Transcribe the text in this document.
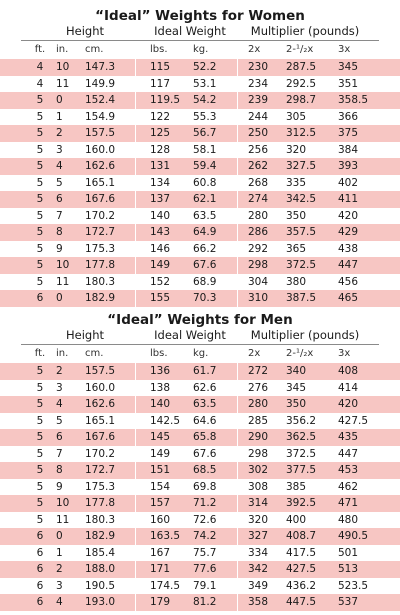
“Ideal” Weights for Women
Height	Ideal Weight	Multiplier (pounds)
ft. in.	cm.	lbs.	kg.	2x	2-¹/₂x	3x
4	10	147.3	115	52.2	230	287.5	345
4	11	149.9	117	53.1	234	292.5	351
5	0	152.4	119.5	54.2	239	298.7	358.5
5	1	154.9	122	55.3	244	305	366
5	2	157.5	125	56.7	250	312.5	375
5	3	160.0	128	58.1	256	320	384
5	4	162.6	131	59.4	262	327.5	393
5	5	165.1	134	60.8	268	335	402
5	6	167.6	137	62.1	274	342.5	411
5	7	170.2	140	63.5	280	350	420
5	8	172.7	143	64.9	286	357.5	429
5	9	175.3	146	66.2	292	365	438
5	10	177.8	149	67.6	298	372.5	447
5	11	180.3	152	68.9	304	380	456
6	0	182.9	155	70.3	310	387.5	465
“Ideal” Weights for Men
Height	Ideal Weight	Multiplier (pounds)
ft. in.	cm.	lbs.	kg.	2x	2-¹/₂x	3x
5	2	157.5	136	61.7	272	340	408
5	3	160.0	138	62.6	276	345	414
5	4	162.6	140	63.5	280	350	420
5	5	165.1	142.5	64.6	285	356.2	427.5
5	6	167.6	145	65.8	290	362.5	435
5	7	170.2	149	67.6	298	372.5	447
5	8	172.7	151	68.5	302	377.5	453
5	9	175.3	154	69.8	308	385	462
5	10	177.8	157	71.2	314	392.5	471
5	11	180.3	160	72.6	320	400	480
6	0	182.9	163.5	74.2	327	408.7	490.5
6	1	185.4	167	75.7	334	417.5	501
6	2	188.0	171	77.6	342	427.5	513
6	3	190.5	174.5	79.1	349	436.2	523.5
6	4	193.0	179	81.2	358	447.5	537
